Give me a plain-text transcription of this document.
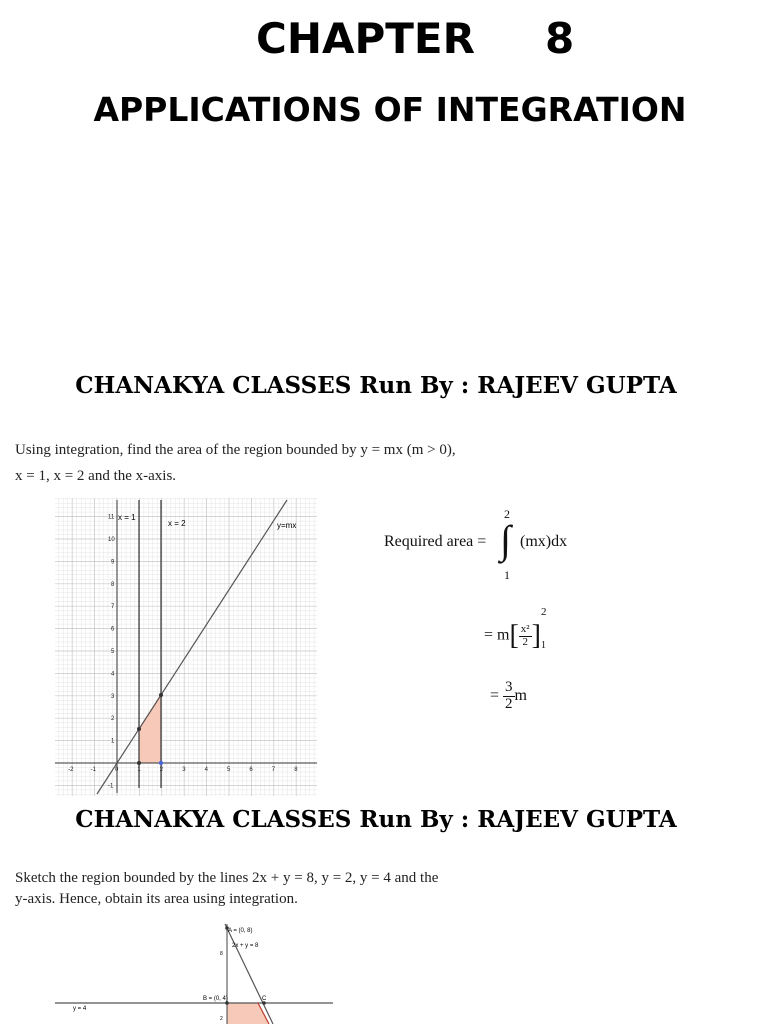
CHAPTER 8
APPLICATIONS OF INTEGRATION
CHANAKYA CLASSES Run By : RAJEEV GUPTA
Using integration, find the area of the region bounded by y = mx (m > 0),
x = 1, x = 2 and the x-axis.
-2	-1	0	1	2	3	4	5	6	7	8
11
10
9
8
7
6
5
4
3
2
1
-1
x = 1
x = 2	y=mx
Required area =
2
∫
1
(mx)dx
= $m[ \frac{\text{x²}}{2}$ ]
2
1
= $\frac{3}{2}$ m
CHANAKYA CLASSES Run By : RAJEEV GUPTA
Sketch the region bounded by the lines 2x + y = 8, y = 2, y = 4 and the
y-axis. Hence, obtain its area using integration.
A = (0, 8)
2x + y = 8
8
B = (0, 4)	C
y = 4
2
